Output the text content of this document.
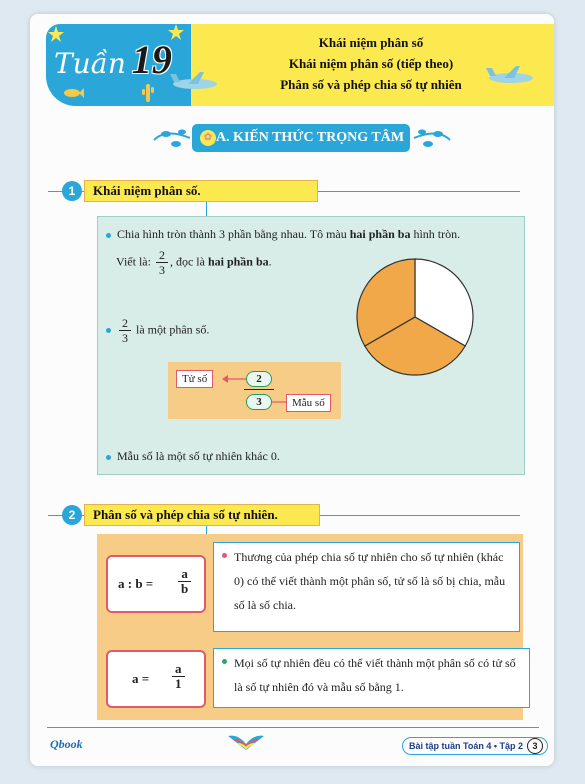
Tuần 19	Khái niệm phân số
Khái niệm phân số (tiếp theo)
Phân số và phép chia số tự nhiên
✿ A. KIẾN THỨC TRỌNG TÂM
1	Khái niệm phân số.
Chia hình tròn thành 3 phần bằng nhau. Tô màu hai phần ba hình tròn.
Viết là: $\frac{2}{3}$ , đọc là hai phần ba.
$\frac{2}{3}$ là một phân số.
Tử số	2
3	Mẫu số
Mẫu số là một số tự nhiên khác 0.
2	Phân số và phép chia số tự nhiên.
a : $b = \frac{a}{b}$
Thương của phép chia số tự nhiên cho số tự nhiên (khác 0) có thể viết thành một phân số, tử số là số bị chia, mẫu số là số chia.
$a = \frac{a}{1}$	Mọi số tự nhiên đều có thể viết thành một phân số có tử số là số tự nhiên đó và mẫu số bằng 1.
Qbook	Bài tập tuần Toán 4 • Tập 2 3
